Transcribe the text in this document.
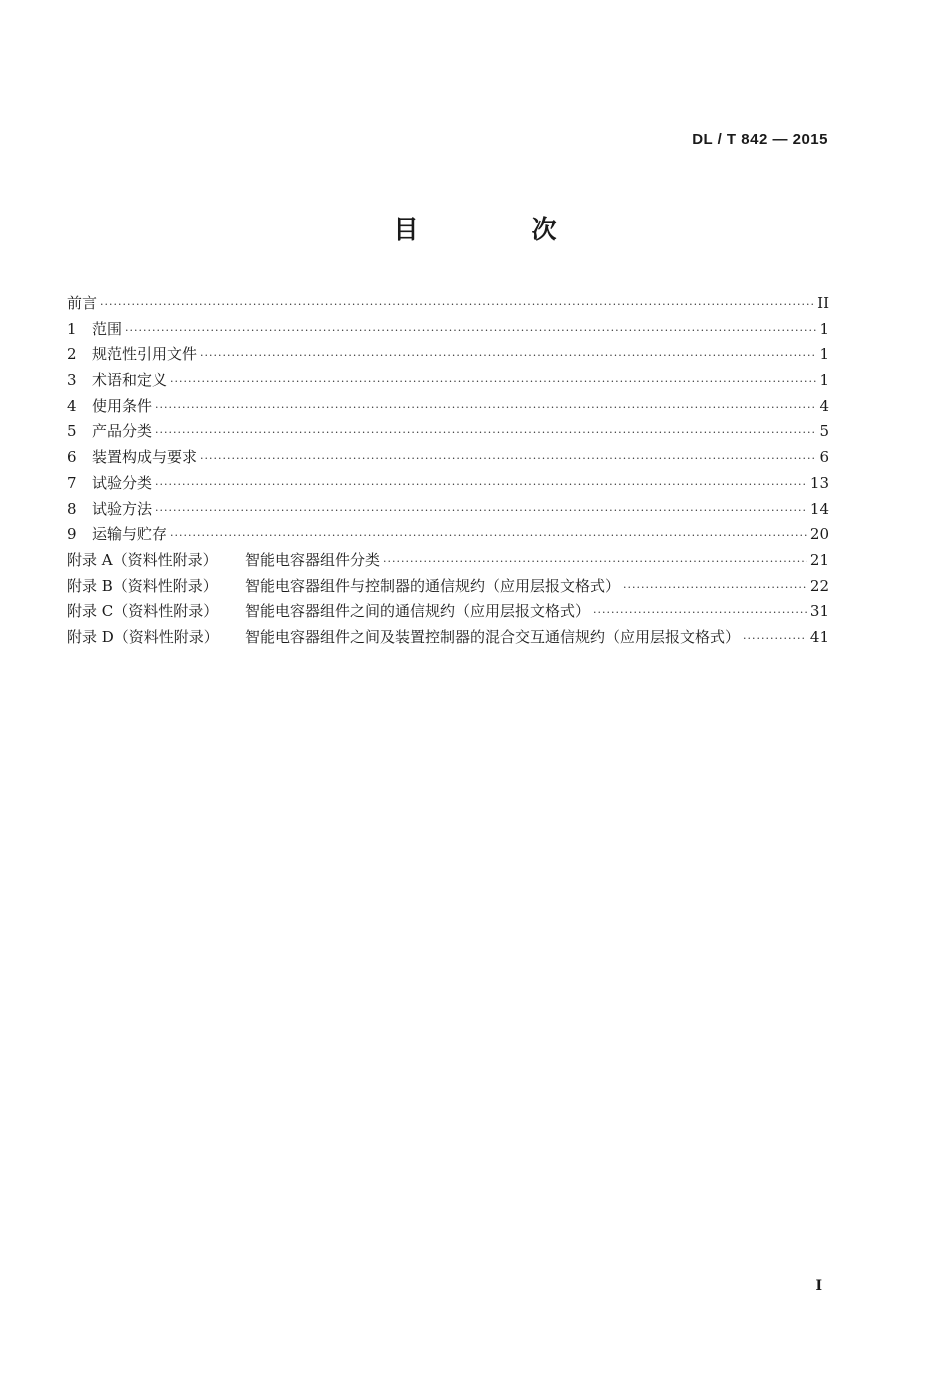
DL / T 842 — 2015
目　次
前言 ·····	II
1	范围 ·····	1
2	规范性引用文件 ·····	1
3	术语和定义 ·····	1
4	使用条件 ·····	4
5	产品分类 ·····	5
6	装置构成与要求 ·····	6
7	试验分类 ·····	13
8	试验方法 ·····	14
9	运输与贮存 ·····	20
附录 A（资料性附录）	智能电容器组件分类 ·····	21
附录 B（资料性附录）	智能电容器组件与控制器的通信规约（应用层报文格式） ·····	22
附录 C（资料性附录）	智能电容器组件之间的通信规约（应用层报文格式） ·····	31
附录 D（资料性附录）	智能电容器组件之间及装置控制器的混合交互通信规约（应用层报文格式） ·····	41
I
